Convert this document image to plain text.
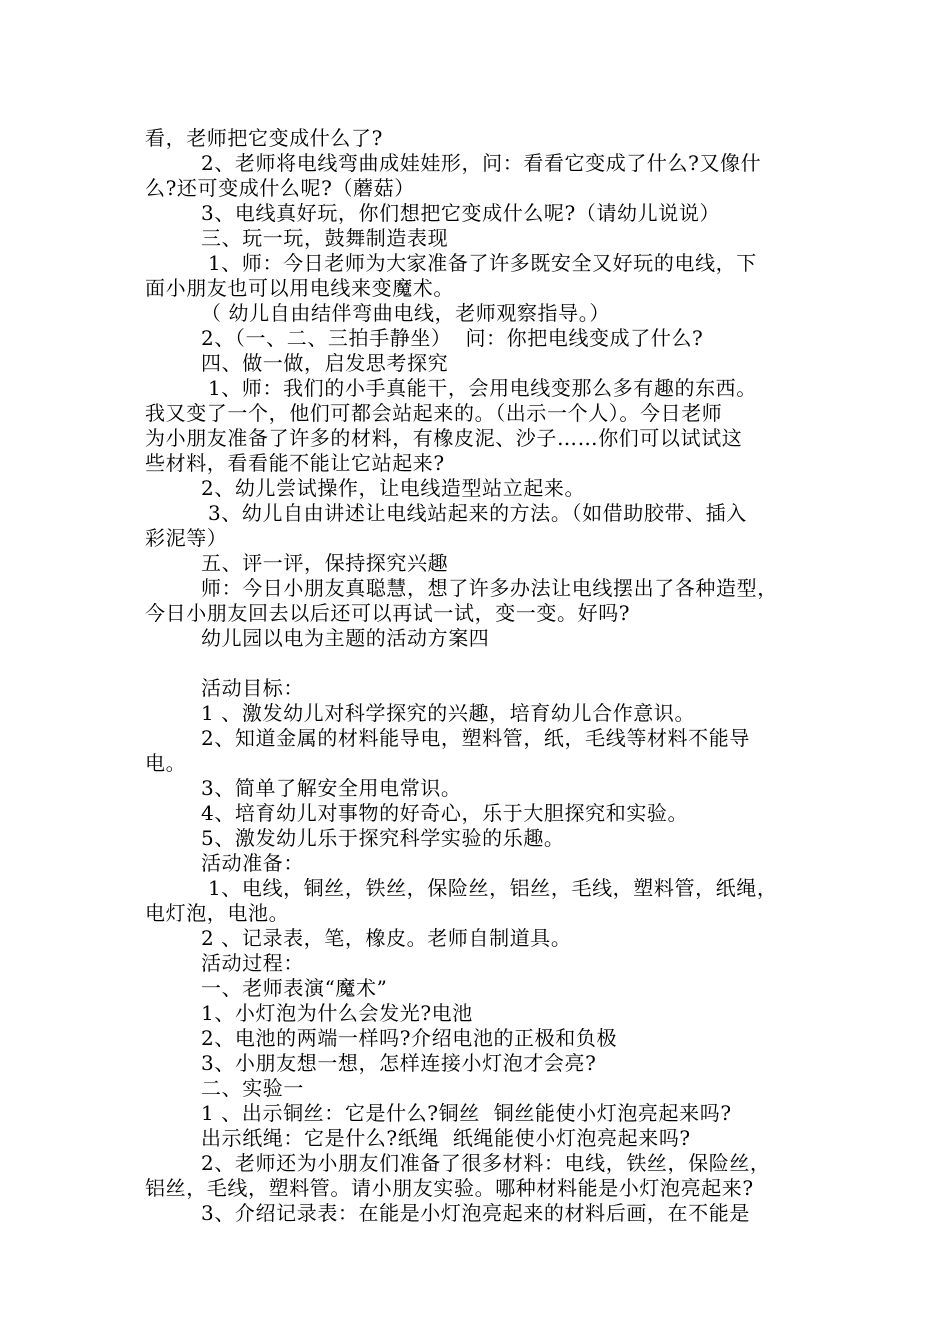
看，老师把它变成什么了?
2、老师将电线弯曲成娃娃形，问：看看它变成了什么?又像什
么?还可变成什么呢?（蘑菇）
3、电线真好玩，你们想把它变成什么呢?（请幼儿说说）
三、玩一玩，鼓舞制造表现
1、师：今日老师为大家准备了许多既安全又好玩的电线，下
面小朋友也可以用电线来变魔术。
（ 幼儿自由结伴弯曲电线，老师观察指导。）
2、（一、二、三拍手静坐）  问：你把电线变成了什么?
四、做一做，启发思考探究
1、师：我们的小手真能干，会用电线变那么多有趣的东西。
我又变了一个，他们可都会站起来的。（出示一个人）。今日老师
为小朋友准备了许多的材料，有橡皮泥、沙子……你们可以试试这
些材料，看看能不能让它站起来?
2、幼儿尝试操作，让电线造型站立起来。
3、幼儿自由讲述让电线站起来的方法。（如借助胶带、插入
彩泥等）
五、评一评，保持探究兴趣
师：今日小朋友真聪慧，想了许多办法让电线摆出了各种造型，
今日小朋友回去以后还可以再试一试，变一变。好吗?
幼儿园以电为主题的活动方案四
活动目标：
1 、激发幼儿对科学探究的兴趣，培育幼儿合作意识。
2、知道金属的材料能导电，塑料管，纸，毛线等材料不能导
电。
3、简单了解安全用电常识。
4、培育幼儿对事物的好奇心，乐于大胆探究和实验。
5、激发幼儿乐于探究科学实验的乐趣。
活动准备：
1、电线，铜丝，铁丝，保险丝，铝丝，毛线，塑料管，纸绳，
电灯泡，电池。
2 、记录表，笔，橡皮。老师自制道具。
活动过程：
一、老师表演“魔术”
1、小灯泡为什么会发光?电池
2、电池的两端一样吗?介绍电池的正极和负极
3、小朋友想一想，怎样连接小灯泡才会亮?
二、实验一
1 、出示铜丝：它是什么?铜丝  铜丝能使小灯泡亮起来吗?
出示纸绳：它是什么?纸绳  纸绳能使小灯泡亮起来吗?
2、老师还为小朋友们准备了很多材料：电线，铁丝，保险丝，
铝丝，毛线，塑料管。请小朋友实验。哪种材料能是小灯泡亮起来?
3、介绍记录表：在能是小灯泡亮起来的材料后画，在不能是
